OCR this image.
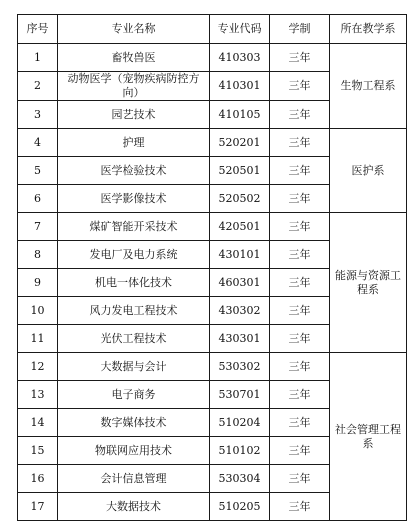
序号	专业名称	专业代码	学制	所在教学系
1	畜牧兽医	410303	三年	生物工程系
2	动物医学（宠物疾病防控方向）	410301	三年	
3	园艺技术	410105	三年	
4	护理	520201	三年	医护系
5	医学检验技术	520501	三年	
6	医学影像技术	520502	三年	
7	煤矿智能开采技术	420501	三年	能源与资源工程系
8	发电厂及电力系统	430101	三年	
9	机电一体化技术	460301	三年	
10	风力发电工程技术	430302	三年	
11	光伏工程技术	430301	三年	
12	大数据与会计	530302	三年	社会管理工程系
13	电子商务	530701	三年	
14	数字媒体技术	510204	三年	
15	物联网应用技术	510102	三年	
16	会计信息管理	530304	三年	
17	大数据技术	510205	三年	
